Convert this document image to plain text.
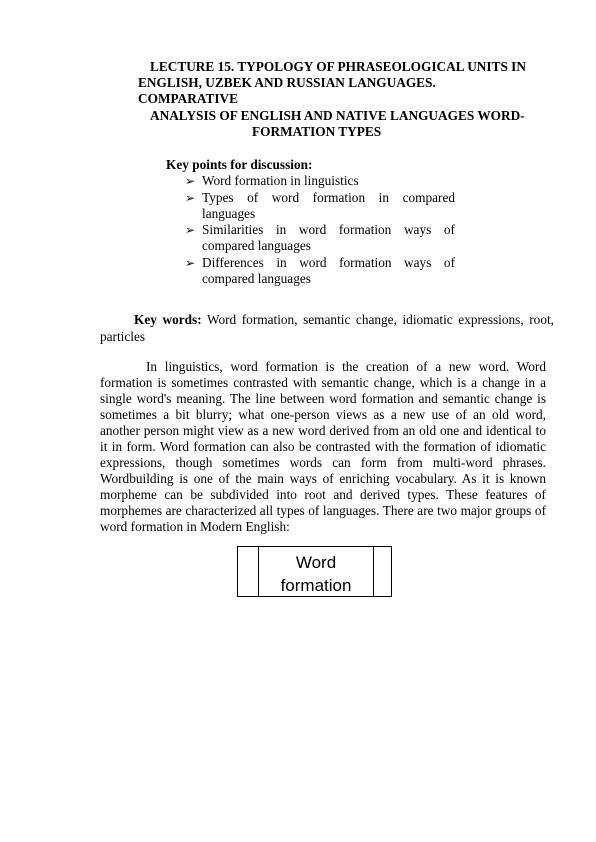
LECTURE 15. TYPOLOGY OF PHRASEOLOGICAL UNITS IN
ENGLISH, UZBEK AND RUSSIAN LANGUAGES.
COMPARATIVE
ANALYSIS OF ENGLISH AND NATIVE LANGUAGES WORD-
FORMATION TYPES
Key points for discussion:
➢ Word formation in linguistics
➢ Types of word formation in compared languages
➢ Similarities in word formation ways of compared languages
➢ Differences in word formation ways of compared languages

Key words: Word formation, semantic change, idiomatic expressions, root, particles

In linguistics, word formation is the creation of a new word. Word formation is sometimes contrasted with semantic change, which is a change in a single word's meaning. The line between word formation and semantic change is sometimes a bit blurry; what one-person views as a new use of an old word, another person might view as a new word derived from an old one and identical to it in form. Word formation can also be contrasted with the formation of idiomatic expressions, though sometimes words can form from multi-word phrases. Wordbuilding is one of the main ways of enriching vocabulary. As it is known morpheme can be subdivided into root and derived types. These features of morphemes are characterized all types of languages. There are two major groups of word formation in Modern English:

Word formation
